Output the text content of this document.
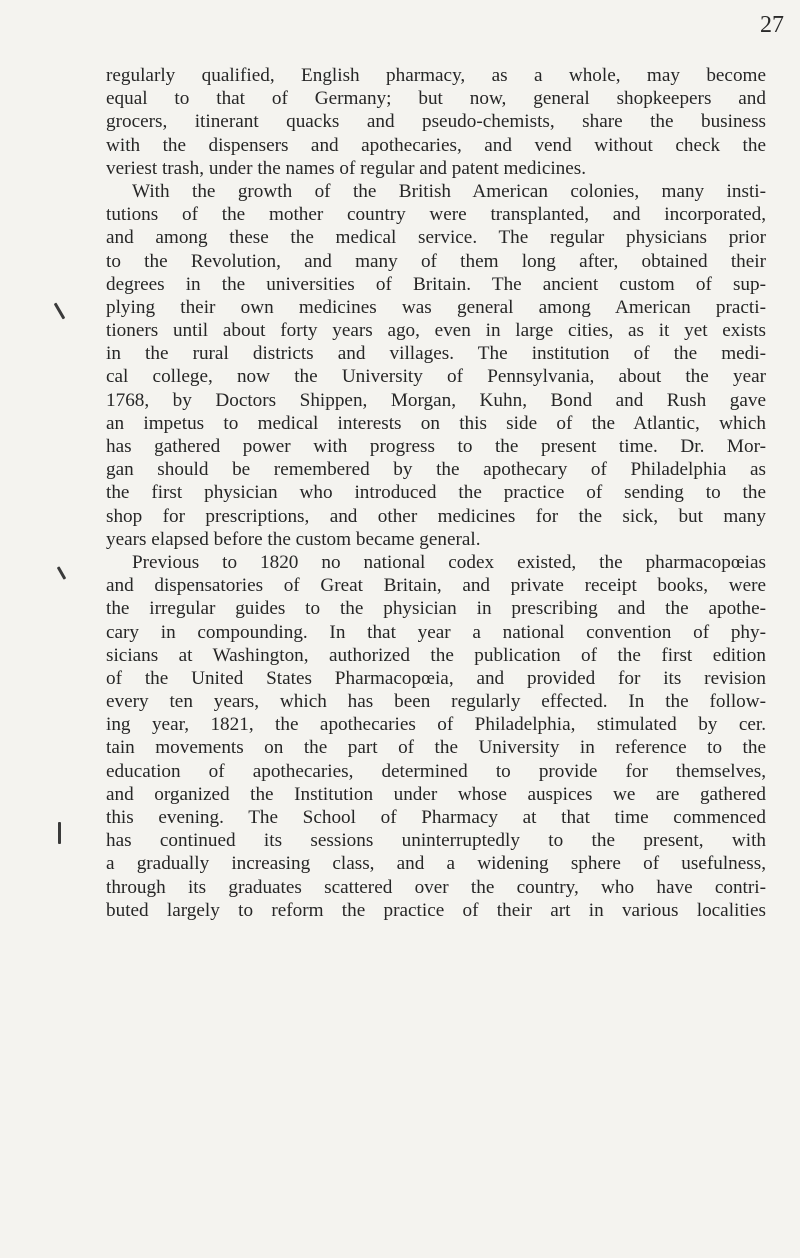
27
regularly qualified, English pharmacy, as a whole, may become
equal to that of Germany; but now, general shopkeepers and
grocers, itinerant quacks and pseudo-chemists, share the business
with the dispensers and apothecaries, and vend without check the
veriest trash, under the names of regular and patent medicines.
With the growth of the British American colonies, many insti-
tutions of the mother country were transplanted, and incorporated,
and among these the medical service. The regular physicians prior
to the Revolution, and many of them long after, obtained their
degrees in the universities of Britain. The ancient custom of sup-
plying their own medicines was general among American practi-
tioners until about forty years ago, even in large cities, as it yet exists
in the rural districts and villages. The institution of the medi-
cal college, now the University of Pennsylvania, about the year
1768, by Doctors Shippen, Morgan, Kuhn, Bond and Rush gave
an impetus to medical interests on this side of the Atlantic, which
has gathered power with progress to the present time. Dr. Mor-
gan should be remembered by the apothecary of Philadelphia as
the first physician who introduced the practice of sending to the
shop for prescriptions, and other medicines for the sick, but many
years elapsed before the custom became general.
Previous to 1820 no national codex existed, the pharmacopœias
and dispensatories of Great Britain, and private receipt books, were
the irregular guides to the physician in prescribing and the apothe-
cary in compounding. In that year a national convention of phy-
sicians at Washington, authorized the publication of the first edition
of the United States Pharmacopœia, and provided for its revision
every ten years, which has been regularly effected. In the follow-
ing year, 1821, the apothecaries of Philadelphia, stimulated by cer.
tain movements on the part of the University in reference to the
education of apothecaries, determined to provide for themselves,
and organized the Institution under whose auspices we are gathered
this evening. The School of Pharmacy at that time commenced
has continued its sessions uninterruptedly to the present, with
a gradually increasing class, and a widening sphere of usefulness,
through its graduates scattered over the country, who have contri-
buted largely to reform the practice of their art in various localities
